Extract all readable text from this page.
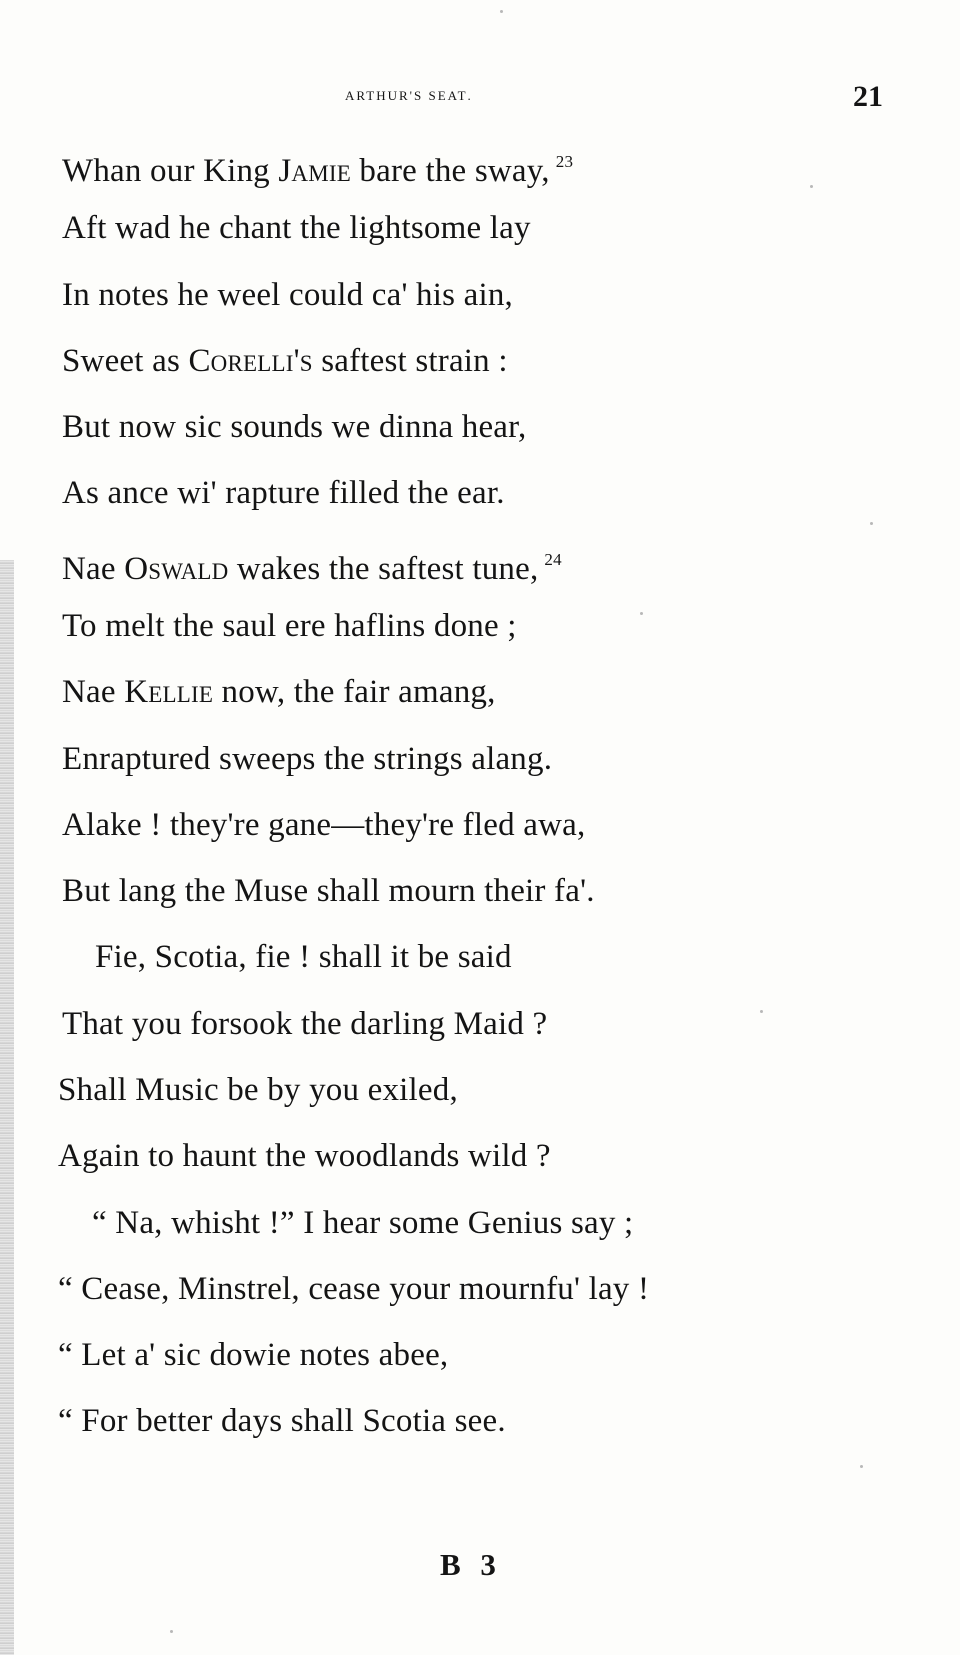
arthur's seat.	21
Whan our King Jamie bare the sway, $^{23}$
Aft wad he chant the lightsome lay
In notes he weel could ca' his ain,
Sweet as Corelli's saftest strain :
But now sic sounds we dinna hear,
As ance wi' rapture filled the ear.
Nae Oswald wakes the saftest tune, $^{24}$
To melt the saul ere haflins done ;
Nae Kellie now, the fair amang,
Enraptured sweeps the strings alang.
Alake ! they're gane—they're fled awa,
But lang the Muse shall mourn their fa'.
Fie, Scotia, fie ! shall it be said
That you forsook the darling Maid ?
Shall Music be by you exiled,
Again to haunt the woodlands wild ?
“ Na, whisht !” I hear some Genius say ;
“ Cease, Minstrel, cease your mournfu' lay !
“ Let a' sic dowie notes abee,
“ For better days shall Scotia see.
B 3
